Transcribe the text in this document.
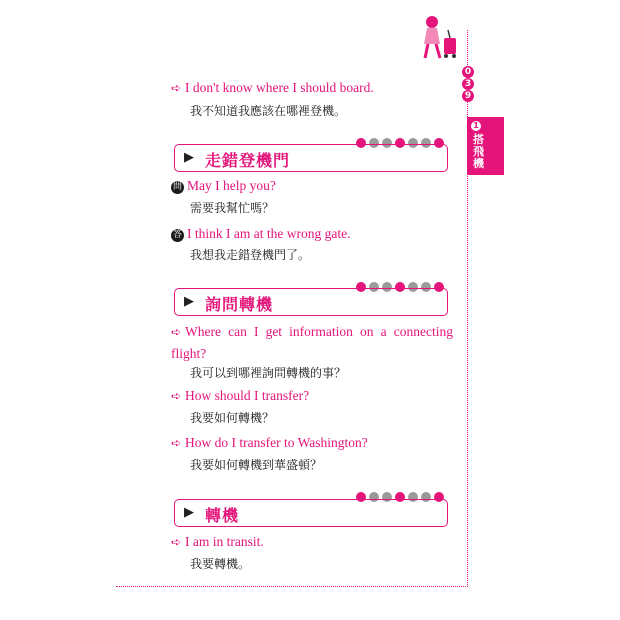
0
3
9
1
搭飛機
➪ I don't know where I should board.
我不知道我應該在哪裡登機。
▶ 走錯登機門
問 May I help you?
需要我幫忙嗎？
答 I think I am at the wrong gate.
我想我走錯登機門了。
▶ 詢問轉機
➪ Where can I get information on a connecting flight?
我可以到哪裡詢問轉機的事？
➪ How should I transfer?
我要如何轉機？
➪ How do I transfer to Washington?
我要如何轉機到華盛頓？
▶ 轉機
➪ I am in transit.
我要轉機。
